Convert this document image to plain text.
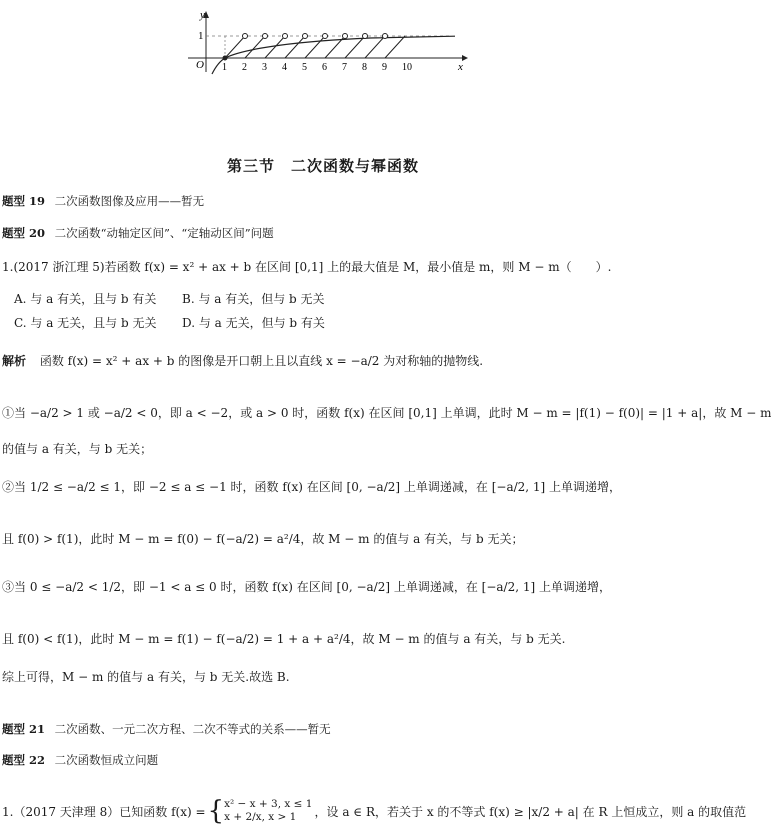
y
x
O
1
1 2 3 4 5 6 7 8 9 10
第三节　二次函数与幂函数
题型 19 二次函数图像及应用——暂无
题型 20 二次函数“动轴定区间”、“定轴动区间”问题
1.(2017 浙江理 5)若函数 f(x) = x² + ax + b 在区间 [0,1] 上的最大值是 M，最小值是 m，则 M − m（　　）.
A. 与 a 有关，且与 b 有关 B. 与 a 有关，但与 b 无关
C. 与 a 无关，且与 b 无关 D. 与 a 无关，但与 b 有关
解析 函数 f(x) = x² + ax + b 的图像是开口朝上且以直线 x = −a/2 为对称轴的抛物线.
①当 −a/2 > 1 或 −a/2 < 0，即 a < −2，或 a > 0 时，函数 f(x) 在区间 [0,1] 上单调，此时 M − m = |f(1) − f(0)| = |1 + a|，故 M − m
的值与 a 有关，与 b 无关；
②当 1/2 ≤ −a/2 ≤ 1，即 −2 ≤ a ≤ −1 时，函数 f(x) 在区间 [0, −a/2] 上单调递减，在 [−a/2, 1] 上单调递增，
且 f(0) > f(1)，此时 M − m = f(0) − f(−a/2) = a²/4，故 M − m 的值与 a 有关，与 b 无关；
③当 0 ≤ −a/2 < 1/2，即 −1 < a ≤ 0 时，函数 f(x) 在区间 [0, −a/2] 上单调递减，在 [−a/2, 1] 上单调递增，
且 f(0) < f(1)，此时 M − m = f(1) − f(−a/2) = 1 + a + a²/4，故 M − m 的值与 a 有关，与 b 无关.
综上可得，M − m 的值与 a 有关，与 b 无关.故选 B.
题型 21 二次函数、一元二次方程、二次不等式的关系——暂无
题型 22 二次函数恒成立问题
1.（2017 天津理 8）已知函数 f(x) = { x² − x + 3, x ≤ 1
x + 2/x, x > 1	，设 a ∈ R，若关于 x 的不等式 f(x) ≥ |x/2 + a| 在 R 上恒成立，则 a 的取值范
